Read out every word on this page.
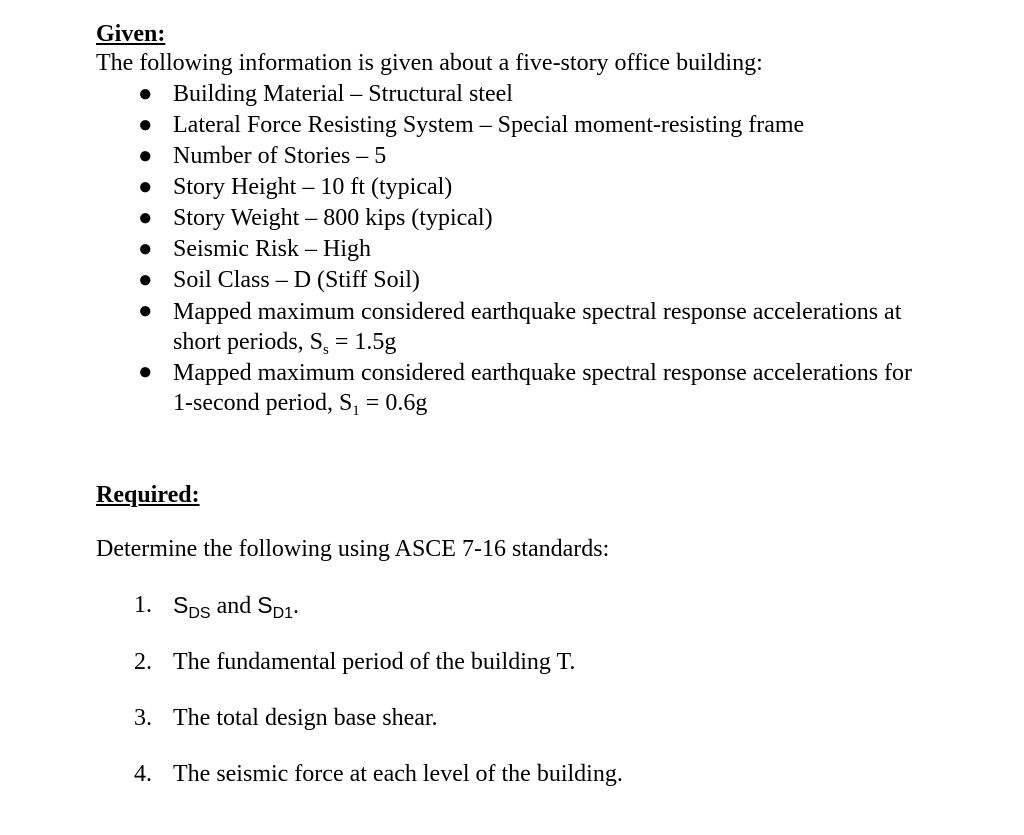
Given:

The following information is given about a five-story office building:

● Building Material – Structural steel
● Lateral Force Resisting System – Special moment-resisting frame
● Number of Stories – 5
● Story Height – 10 ft (typical)
● Story Weight – 800 kips (typical)
● Seismic Risk – High
● Soil Class – D (Stiff Soil)
● Mapped maximum considered earthquake spectral response accelerations at
short periods, $S_s = 1.5g$
● Mapped maximum considered earthquake spectral response accelerations for
1-second period, $S_1 = 0.6g$

Required:

Determine the following using ASCE 7-16 standards:

1. $S_{DS}$ and $S_{D1}$.
2. The fundamental period of the building T.
3. The total design base shear.
4. The seismic force at each level of the building.
